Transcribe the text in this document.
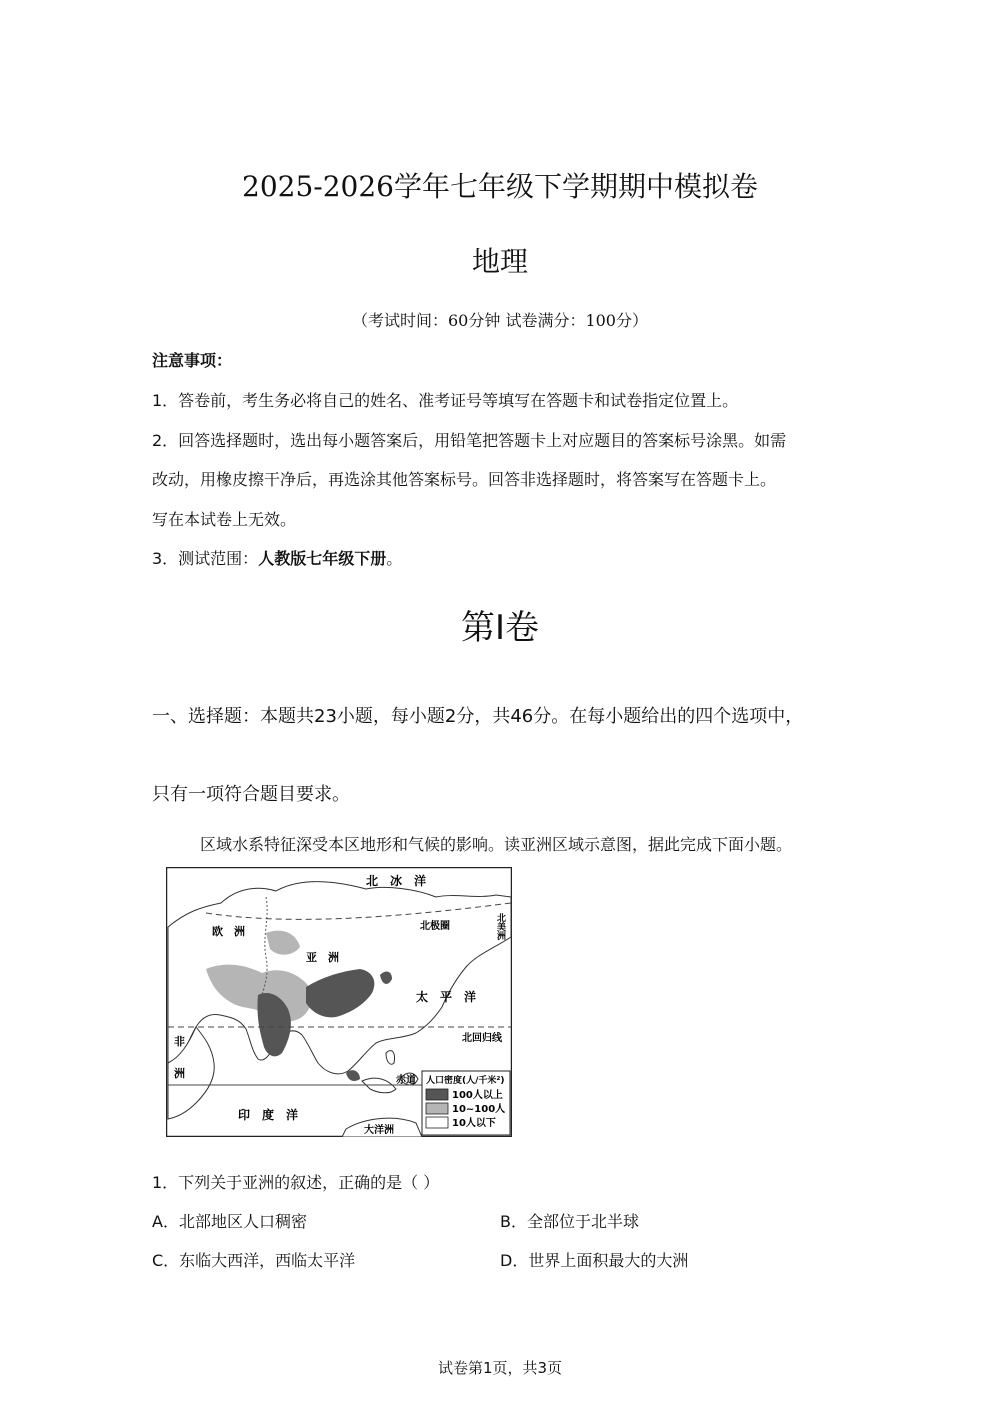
2025-2026学年七年级下学期期中模拟卷
地理
（考试时间：60分钟 试卷满分：100分）
注意事项：
1．答卷前，考生务必将自己的姓名、准考证号等填写在答题卡和试卷指定位置上。
2．回答选择题时，选出每小题答案后，用铅笔把答题卡上对应题目的答案标号涂黑。如需
改动，用橡皮擦干净后，再选涂其他答案标号。回答非选择题时，将答案写在答题卡上。
写在本试卷上无效。
3．测试范围：人教版七年级下册。
第Ⅰ卷
一、选择题：本题共23小题，每小题2分，共46分。在每小题给出的四个选项中，
只有一项符合题目要求。
区域水系特征深受本区地形和气候的影响。读亚洲区域示意图，据此完成下面小题。
北　冰　洋
欧　洲
亚　洲
北极圈	北美洲
太　平　洋
北回归线
非
洲
赤道
印　度　洋
大洋洲
人口密度(人/千米²)
100人以上
10~100人
10人以下
1．下列关于亚洲的叙述，正确的是（ ）
A．北部地区人口稠密	B．全部位于北半球
C．东临大西洋，西临太平洋	D．世界上面积最大的大洲
试卷第1页，共3页
